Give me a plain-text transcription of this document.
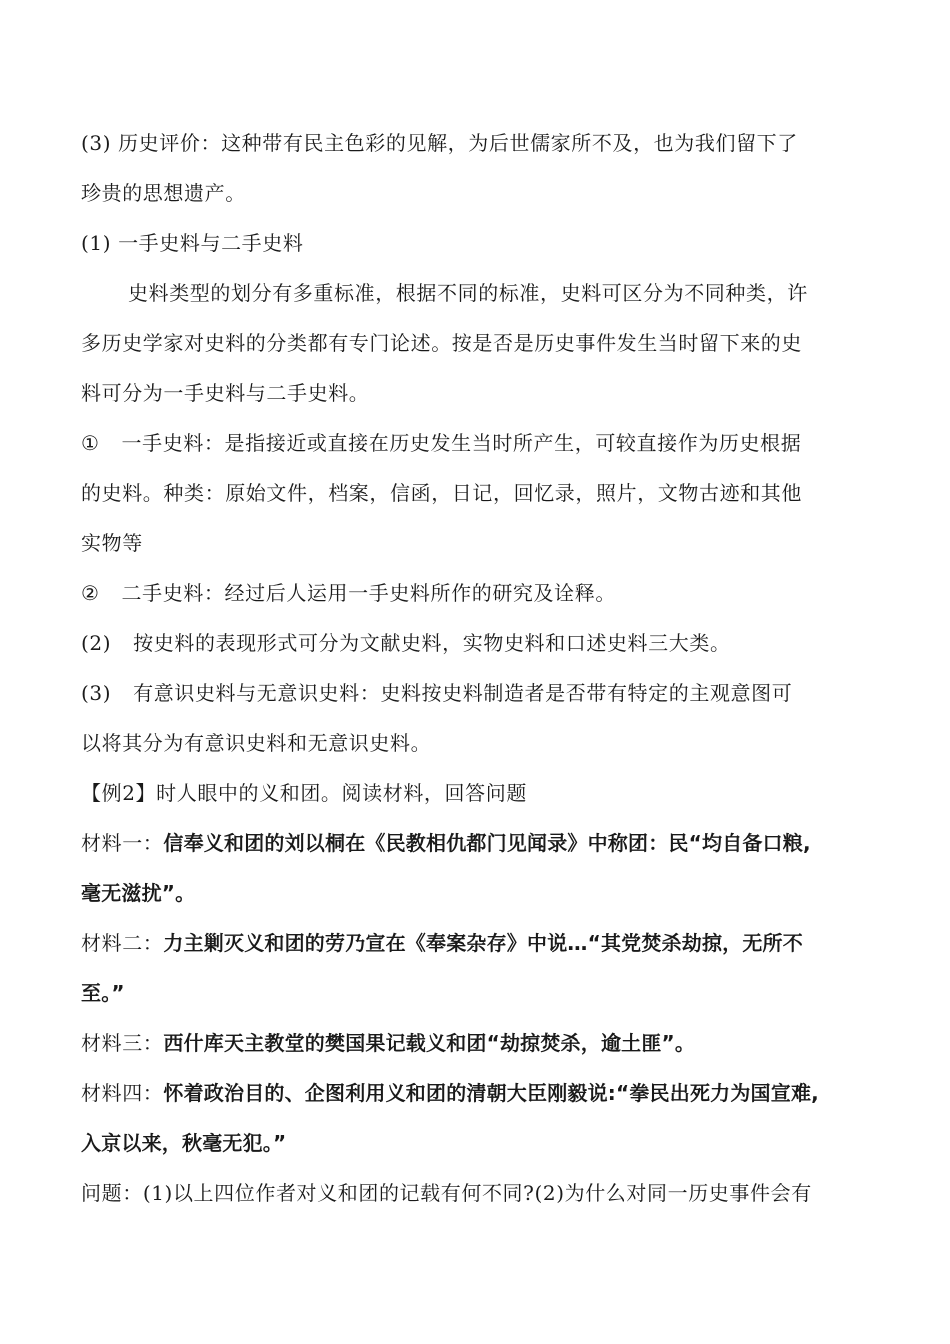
(3) 历史评价：这种带有民主色彩的见解，为后世儒家所不及，也为我们留下了
珍贵的思想遗产。
(1) 一手史料与二手史料
史料类型的划分有多重标准，根据不同的标准，史料可区分为不同种类，许
多历史学家对史料的分类都有专门论述。按是否是历史事件发生当时留下来的史
料可分为一手史料与二手史料。
① 一手史料：是指接近或直接在历史发生当时所产生，可较直接作为历史根据
的史料。种类：原始文件，档案，信函，日记，回忆录，照片，文物古迹和其他
实物等
② 二手史料：经过后人运用一手史料所作的研究及诠释。
(2) 按史料的表现形式可分为文献史料，实物史料和口述史料三大类。
(3) 有意识史料与无意识史料：史料按史料制造者是否带有特定的主观意图可
以将其分为有意识史料和无意识史料。
【例2】时人眼中的义和团。阅读材料，回答问题
材料一：信奉义和团的刘以桐在《民教相仇都门见闻录》中称团：民“均自备口粮,
毫无滋扰”。
材料二：力主剿灭义和团的劳乃宣在《奉案杂存》中说…“其党焚杀劫掠，无所不
至。”
材料三：西什库天主教堂的樊国果记载义和团“劫掠焚杀，逾土匪”。
材料四：怀着政治目的、企图利用义和团的清朝大臣刚毅说:“拳民出死力为国宣难,
入京以来，秋毫无犯。”
问题：(1)以上四位作者对义和团的记载有何不同?(2)为什么对同一历史事件会有
